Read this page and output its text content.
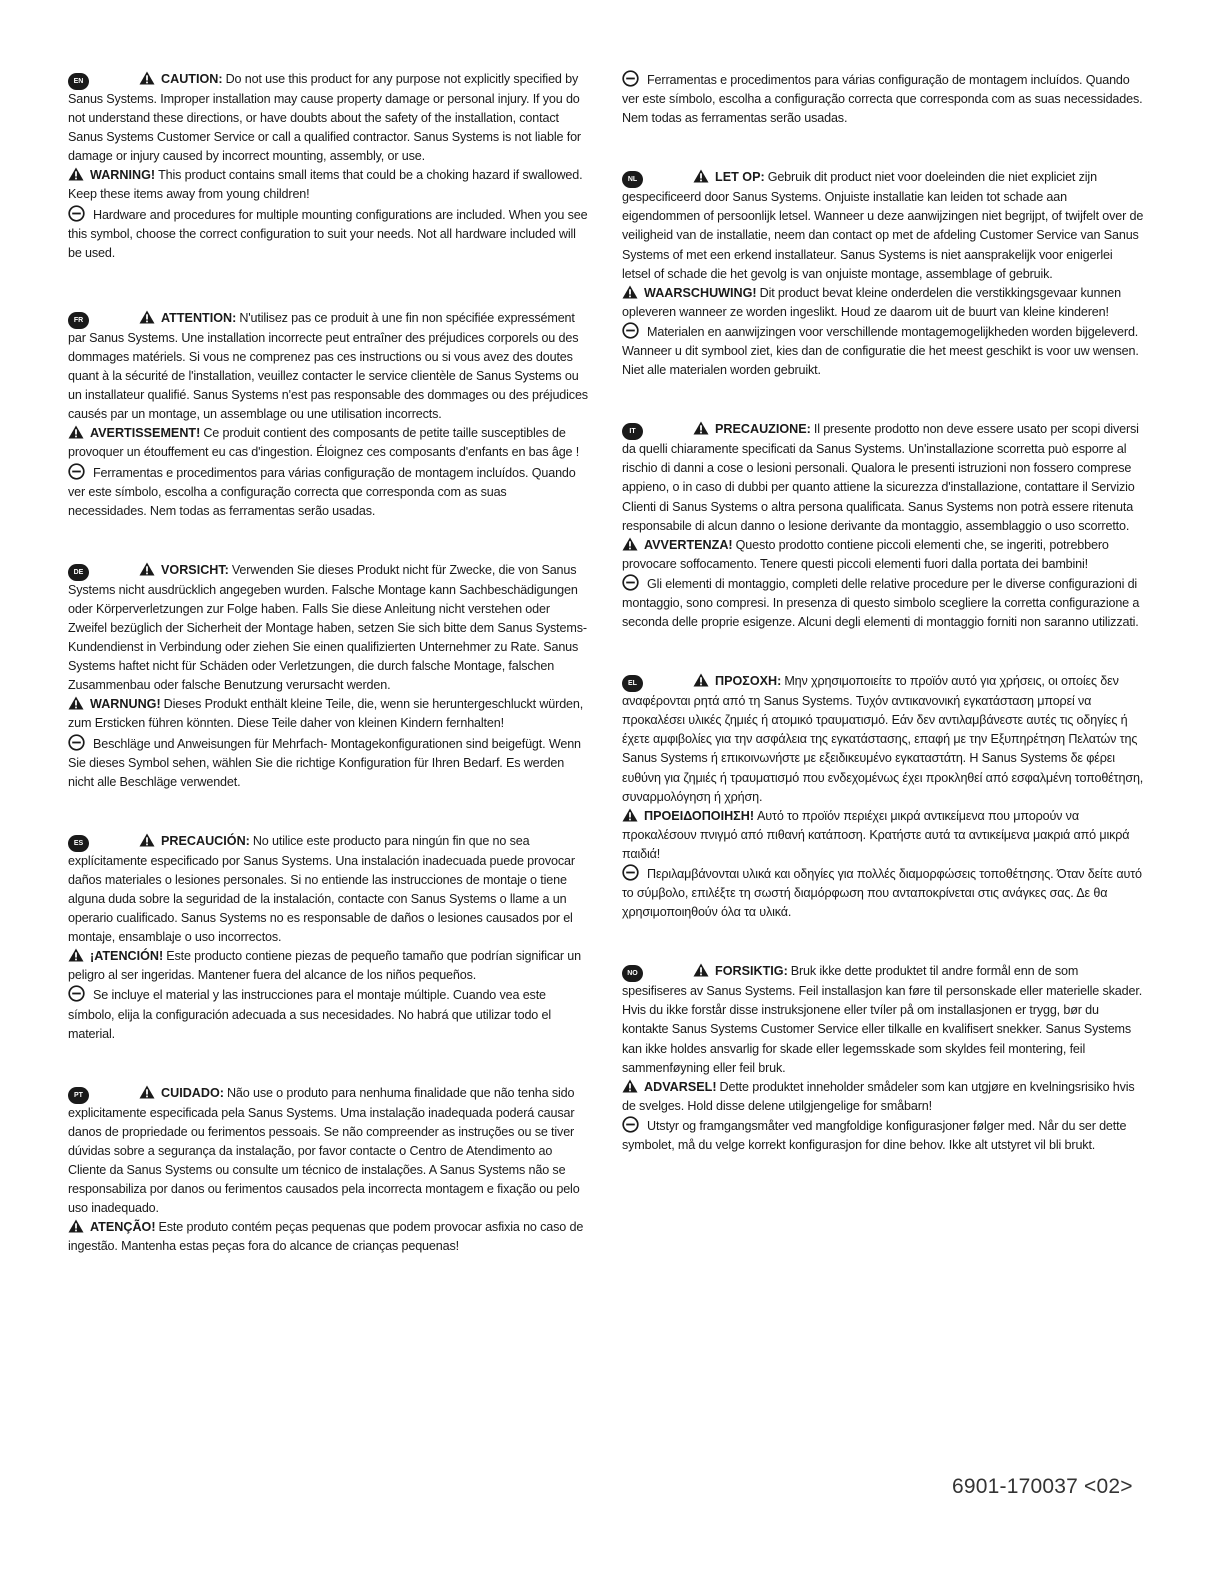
EN	CAUTION: Do not use this product for any purpose not explicitly specified by Sanus Systems. Improper installation may cause property damage or personal injury. If you do not understand these directions, or have doubts about the safety of the installation, contact Sanus Systems Customer Service or call a qualified contractor. Sanus Systems is not liable for damage or injury caused by incorrect mounting, assembly, or use.

WARNING! This product contains small items that could be a choking hazard if swallowed. Keep these items away from young children!

Hardware and procedures for multiple mounting configurations are included. When you see this symbol, choose the correct configuration to suit your needs. Not all hardware included will be used.

FR	ATTENTION: N'utilisez pas ce produit à une fin non spécifiée expressément par Sanus Systems. Une installation incorrecte peut entraîner des préjudices corporels ou des dommages matériels. Si vous ne comprenez pas ces instructions ou si vous avez des doutes quant à la sécurité de l'installation, veuillez contacter le service clientèle de Sanus Systems ou un installateur qualifié. Sanus Systems n'est pas responsable des dommages ou des préjudices causés par un montage, un assemblage ou une utilisation incorrects.

AVERTISSEMENT! Ce produit contient des composants de petite taille susceptibles de provoquer un étouffement eu cas d'ingestion. Éloignez ces composants d'enfants en bas âge !

Ferramentas e procedimentos para várias configuração de montagem incluídos. Quando ver este símbolo, escolha a configuração correcta que corresponda com as suas necessidades. Nem todas as ferramentas serão usadas.

DE	VORSICHT: Verwenden Sie dieses Produkt nicht für Zwecke, die von Sanus Systems nicht ausdrücklich angegeben wurden. Falsche Montage kann Sachbeschädigungen oder Körperverletzungen zur Folge haben. Falls Sie diese Anleitung nicht verstehen oder Zweifel bezüglich der Sicherheit der Montage haben, setzen Sie sich bitte dem Sanus Systems-Kundendienst in Verbindung oder ziehen Sie einen qualifizierten Unternehmer zu Rate. Sanus Systems haftet nicht für Schäden oder Verletzungen, die durch falsche Montage, falschen Zusammenbau oder falsche Benutzung verursacht werden.

WARNUNG! Dieses Produkt enthält kleine Teile, die, wenn sie heruntergeschluckt würden, zum Ersticken führen könnten. Diese Teile daher von kleinen Kindern fernhalten!

Beschläge und Anweisungen für Mehrfach- Montagekonfigurationen sind beigefügt. Wenn Sie dieses Symbol sehen, wählen Sie die richtige Konfiguration für Ihren Bedarf. Es werden nicht alle Beschläge verwendet.

ES	PRECAUCIÓN: No utilice este producto para ningún fin que no sea explícitamente especificado por Sanus Systems. Una instalación inadecuada puede provocar daños materiales o lesiones personales. Si no entiende las instrucciones de montaje o tiene alguna duda sobre la seguridad de la instalación, contacte con Sanus Systems o llame a un operario cualificado. Sanus Systems no es responsable de daños o lesiones causados por el montaje, ensamblaje o uso incorrectos.

¡ATENCIÓN! Este producto contiene piezas de pequeño tamaño que podrían significar un peligro al ser ingeridas. Mantener fuera del alcance de los niños pequeños.

Se incluye el material y las instrucciones para el montaje múltiple. Cuando vea este símbolo, elija la configuración adecuada a sus necesidades. No habrá que utilizar todo el material.

PT	CUIDADO: Não use o produto para nenhuma finalidade que não tenha sido explicitamente especificada pela Sanus Systems. Uma instalação inadequada poderá causar danos de propriedade ou ferimentos pessoais. Se não compreender as instruções ou se tiver dúvidas sobre a segurança da instalação, por favor contacte o Centro de Atendimento ao Cliente da Sanus Systems ou consulte um técnico de instalações. A Sanus Systems não se responsabiliza por danos ou ferimentos causados pela incorrecta montagem e fixação ou pelo uso inadequado.

ATENÇÃO! Este produto contém peças pequenas que podem provocar asfixia no caso de ingestão. Mantenha estas peças fora do alcance de crianças pequenas!

Ferramentas e procedimentos para várias configuração de montagem incluídos. Quando ver este símbolo, escolha a configuração correcta que corresponda com as suas necessidades. Nem todas as ferramentas serão usadas.

NL	LET OP: Gebruik dit product niet voor doeleinden die niet expliciet zijn gespecificeerd door Sanus Systems. Onjuiste installatie kan leiden tot schade aan eigendommen of persoonlijk letsel. Wanneer u deze aanwijzingen niet begrijpt, of twijfelt over de veiligheid van de installatie, neem dan contact op met de afdeling Customer Service van Sanus Systems of met een erkend installateur. Sanus Systems is niet aansprakelijk voor enigerlei letsel of schade die het gevolg is van onjuiste montage, assemblage of gebruik.

WAARSCHUWING! Dit product bevat kleine onderdelen die verstikkingsgevaar kunnen opleveren wanneer ze worden ingeslikt. Houd ze daarom uit de buurt van kleine kinderen!

Materialen en aanwijzingen voor verschillende montagemogelijkheden worden bijgeleverd. Wanneer u dit symbool ziet, kies dan de configuratie die het meest geschikt is voor uw wensen. Niet alle materialen worden gebruikt.

IT	PRECAUZIONE: Il presente prodotto non deve essere usato per scopi diversi da quelli chiaramente specificati da Sanus Systems. Un'installazione scorretta può esporre al rischio di danni a cose o lesioni personali. Qualora le presenti istruzioni non fossero comprese appieno, o in caso di dubbi per quanto attiene la sicurezza d'installazione, contattare il Servizio Clienti di Sanus Systems o altra persona qualificata. Sanus Systems non potrà essere ritenuta responsabile di alcun danno o lesione derivante da montaggio, assemblaggio o uso scorretto.

AVVERTENZA! Questo prodotto contiene piccoli elementi che, se ingeriti, potrebbero provocare soffocamento. Tenere questi piccoli elementi fuori dalla portata dei bambini!

Gli elementi di montaggio, completi delle relative procedure per le diverse configurazioni di montaggio, sono compresi. In presenza di questo simbolo scegliere la corretta configurazione a seconda delle proprie esigenze. Alcuni degli elementi di montaggio forniti non saranno utilizzati.

EL	ΠΡΟΣΟΧΗ: Μην χρησιμοποιείτε το προϊόν αυτό για χρήσεις, οι οποίες δεν αναφέρονται ρητά από τη Sanus Systems. Τυχόν αντικανονική εγκατάσταση μπορεί να προκαλέσει υλικές ζημιές ή ατομικό τραυματισμό. Εάν δεν αντιλαμβάνεστε αυτές τις οδηγίες ή έχετε αμφιβολίες για την ασφάλεια της εγκατάστασης, επαφή με την Εξυπηρέτηση Πελατών της Sanus Systems ή επικοινωνήστε με εξειδικευμένο εγκαταστάτη. Η Sanus Systems δε φέρει ευθύνη για ζημιές ή τραυματισμό που ενδεχομένως έχει προκληθεί από εσφαλμένη τοποθέτηση, συναρμολόγηση ή χρήση.

ΠΡΟΕΙΔΟΠΟΙΗΣΗ! Αυτό το προϊόν περιέχει μικρά αντικείμενα που μπορούν να προκαλέσουν πνιγμό από πιθανή κατάποση. Κρατήστε αυτά τα αντικείμενα μακριά από μικρά παιδιά!

Περιλαμβάνονται υλικά και οδηγίες για πολλές διαμορφώσεις τοποθέτησης. Όταν δείτε αυτό το σύμβολο, επιλέξτε τη σωστή διαμόρφωση που ανταποκρίνεται στις ανάγκες σας. Δε θα χρησιμοποιηθούν όλα τα υλικά.

NO	FORSIKTIG: Bruk ikke dette produktet til andre formål enn de som spesifiseres av Sanus Systems. Feil installasjon kan føre til personskade eller materielle skader. Hvis du ikke forstår disse instruksjonene eller tvíler på om installasjonen er trygg, bør du kontakte Sanus Systems Customer Service eller tilkalle en kvalifisert snekker. Sanus Systems kan ikke holdes ansvarlig for skade eller legemsskade som skyldes feil montering, feil sammenføyning eller feil bruk.

ADVARSEL! Dette produktet inneholder smådeler som kan utgjøre en kvelningsrisiko hvis de svelges. Hold disse delene utilgjengelige for småbarn!

Utstyr og framgangsmåter ved mangfoldige konfigurasjoner følger med. Når du ser dette symbolet, må du velge korrekt konfigurasjon for dine behov. Ikke alt utstyret vil bli brukt.

6901-170037 <02>
